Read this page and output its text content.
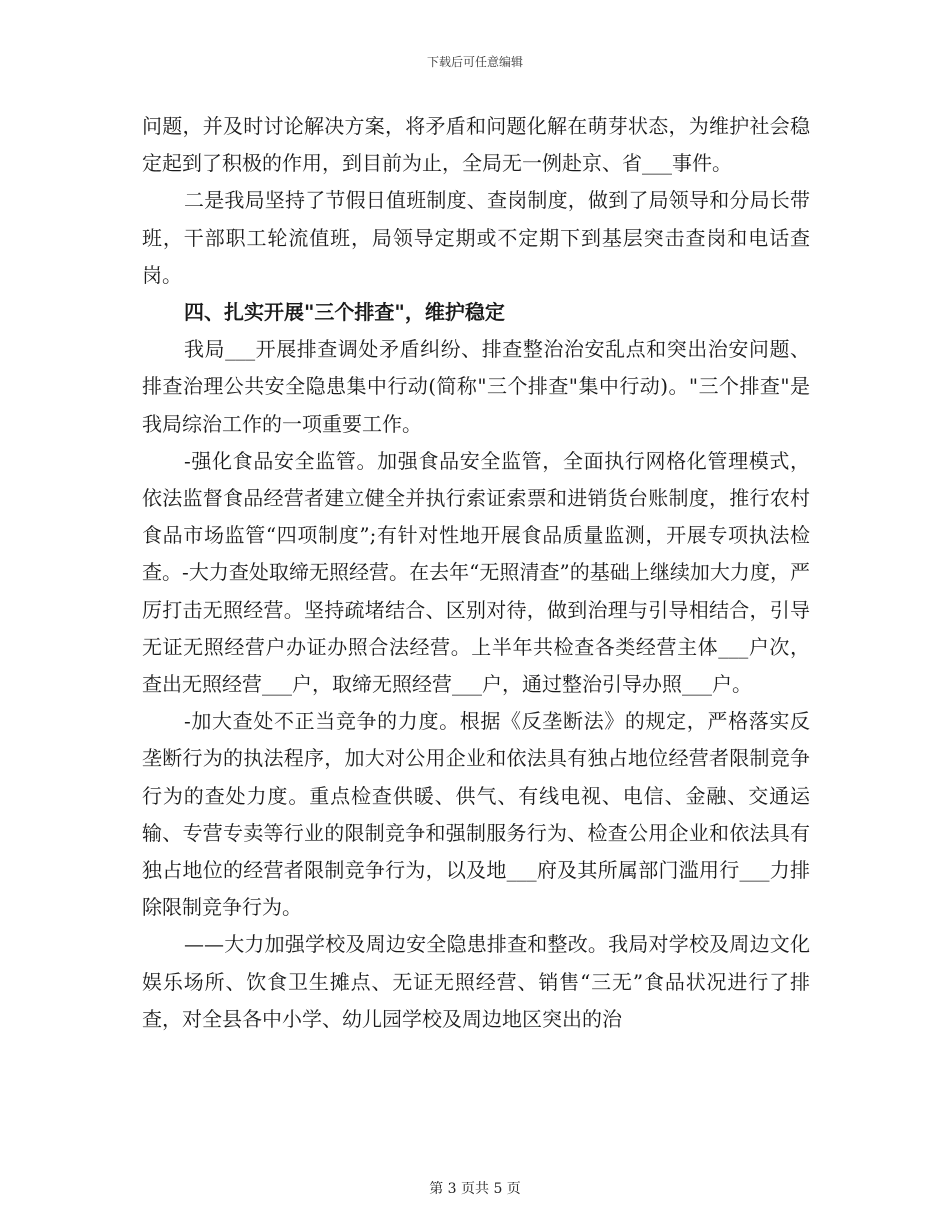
下载后可任意编辑

问题，并及时讨论解决方案，将矛盾和问题化解在萌芽状态，为维护社会稳定起到了积极的作用，到目前为止，全局无一例赴京、省___事件。

二是我局坚持了节假日值班制度、查岗制度，做到了局领导和分局长带班，干部职工轮流值班，局领导定期或不定期下到基层突击查岗和电话查岗。

四、扎实开展"三个排查"，维护稳定

我局___开展排查调处矛盾纠纷、排查整治治安乱点和突出治安问题、排查治理公共安全隐患集中行动(简称"三个排查"集中行动)。"三个排查"是我局综治工作的一项重要工作。

-强化食品安全监管。加强食品安全监管，全面执行网格化管理模式，依法监督食品经营者建立健全并执行索证索票和进销货台账制度，推行农村食品市场监管“四项制度”;有针对性地开展食品质量监测，开展专项执法检查。-大力查处取缔无照经营。在去年“无照清查”的基础上继续加大力度，严厉打击无照经营。坚持疏堵结合、区别对待，做到治理与引导相结合，引导无证无照经营户办证办照合法经营。上半年共检查各类经营主体___户次，查出无照经营___户，取缔无照经营___户，通过整治引导办照___户。

-加大查处不正当竞争的力度。根据《反垄断法》的规定，严格落实反垄断行为的执法程序，加大对公用企业和依法具有独占地位经营者限制竞争行为的查处力度。重点检查供暖、供气、有线电视、电信、金融、交通运输、专营专卖等行业的限制竞争和强制服务行为、检查公用企业和依法具有独占地位的经营者限制竞争行为，以及地___府及其所属部门滥用行___力排除限制竞争行为。

——大力加强学校及周边安全隐患排查和整改。我局对学校及周边文化娱乐场所、饮食卫生摊点、无证无照经营、销售“三无”食品状况进行了排查，对全县各中小学、幼儿园学校及周边地区突出的治

第 3 页共 5 页
